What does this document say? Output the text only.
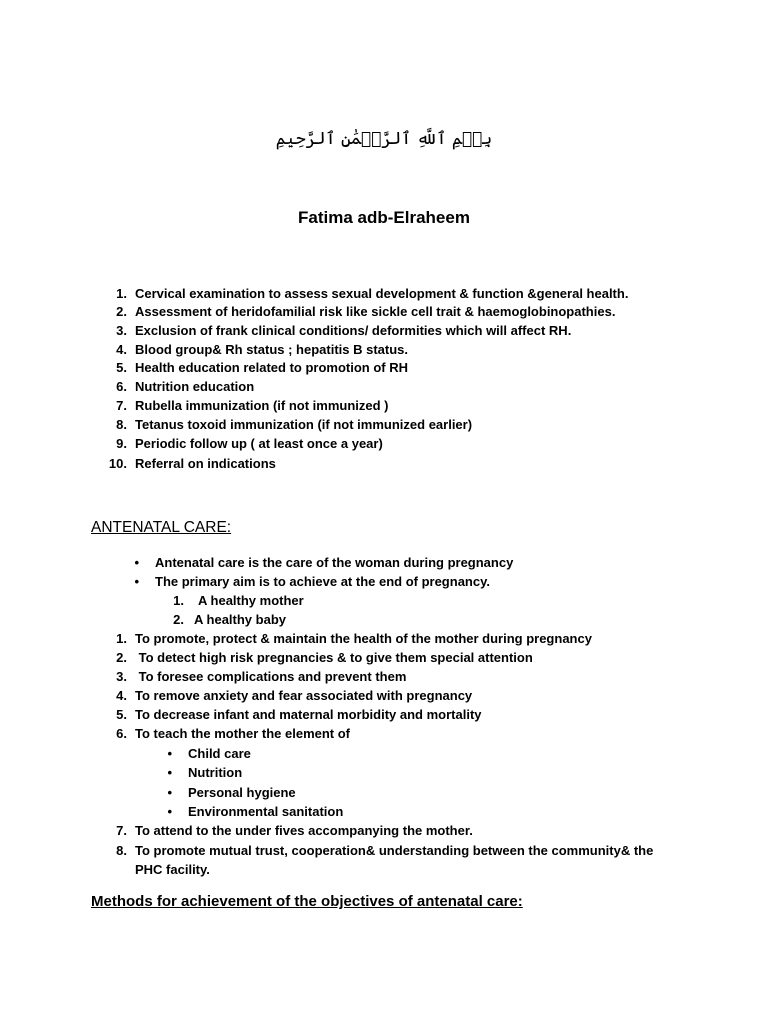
بِسۡمِ ٱللَّهِ ٱلرَّحۡمَٰنِ ٱلرَّحِيمِ
Fatima adb-Elraheem
1. Cervical examination to assess sexual development & function &general health.
2. Assessment of heridofamilial risk like sickle cell trait & haemoglobinopathies.
3. Exclusion of frank clinical conditions/ deformities which will affect RH.
4. Blood group& Rh status ; hepatitis B status.
5. Health education related to promotion of RH
6. Nutrition education
7. Rubella immunization (if not immunized )
8. Tetanus toxoid immunization (if not immunized earlier)
9. Periodic follow up ( at least once a year)
10. Referral on indications
ANTENATAL CARE:
• Antenatal care is the care of the woman during pregnancy
• The primary aim is to achieve at the end of pregnancy.
1. A healthy mother
2. A healthy baby
1. To promote, protect & maintain the health of the mother during pregnancy
2. To detect high risk pregnancies & to give them special attention
3. To foresee complications and prevent them
4. To remove anxiety and fear associated with pregnancy
5. To decrease infant and maternal morbidity and mortality
6. To teach the mother the element of
• Child care
• Nutrition
• Personal hygiene
• Environmental sanitation
7. To attend to the under fives accompanying the mother.
8. To promote mutual trust, cooperation& understanding between the community& the
PHC facility.
Methods for achievement of the objectives of antenatal care:
